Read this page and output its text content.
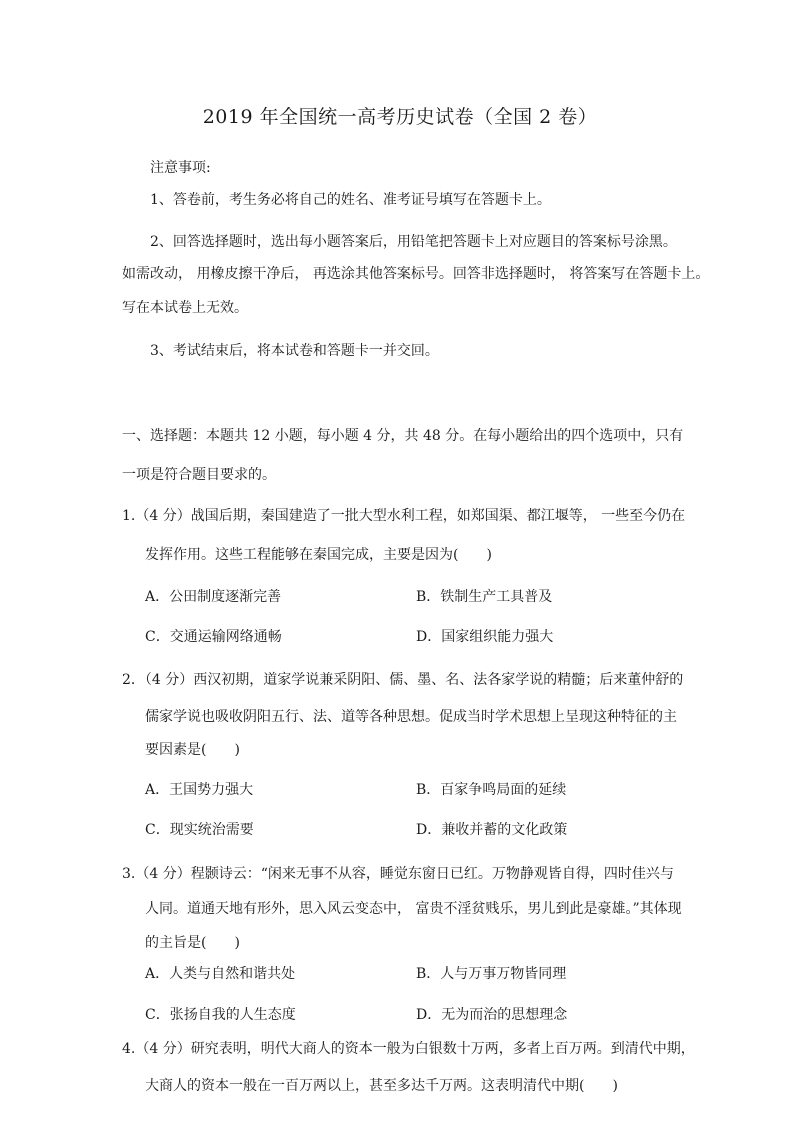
2019 年全国统一高考历史试卷（全国 2 卷）
注意事项:
1、答卷前，考生务必将自己的姓名、准考证号填写在答题卡上。
2、回答选择题时，选出每小题答案后，用铅笔把答题卡上对应题目的答案标号涂黑。
如需改动， 用橡皮擦干净后， 再选涂其他答案标号。回答非选择题时， 将答案写在答题卡上。
写在本试卷上无效。
3、考试结束后，将本试卷和答题卡一并交回。
一、选择题：本题共 12 小题，每小题 4 分，共 48 分。在每小题给出的四个选项中，只有
一项是符合题目要求的。
1.（4 分）战国后期，秦国建造了一批大型水利工程，如郑国渠、都江堰等， 一些至今仍在
发挥作用。这些工程能够在秦国完成，主要是因为(　　)
A．公田制度逐渐完善	B．铁制生产工具普及
C．交通运输网络通畅	D．国家组织能力强大
2．（4 分）西汉初期，道家学说兼采阴阳、儒、墨、名、法各家学说的精髓；后来董仲舒的
儒家学说也吸收阴阳五行、法、道等各种思想。促成当时学术思想上呈现这种特征的主
要因素是(　　)
A．王国势力强大	B．百家争鸣局面的延续
C．现实统治需要	D．兼收并蓄的文化政策
3.（4 分）程颢诗云：“闲来无事不从容，睡觉东窗日已红。万物静观皆自得，四时佳兴与
人同。道通天地有形外，思入风云变态中， 富贵不淫贫贱乐，男儿到此是豪雄。”其体现
的主旨是(　　)
A．人类与自然和谐共处	B．人与万事万物皆同理
C．张扬自我的人生态度	D．无为而治的思想理念
4.（4 分）研究表明，明代大商人的资本一般为白银数十万两，多者上百万两。到清代中期，
大商人的资本一般在一百万两以上，甚至多达千万两。这表明清代中期(　　)
